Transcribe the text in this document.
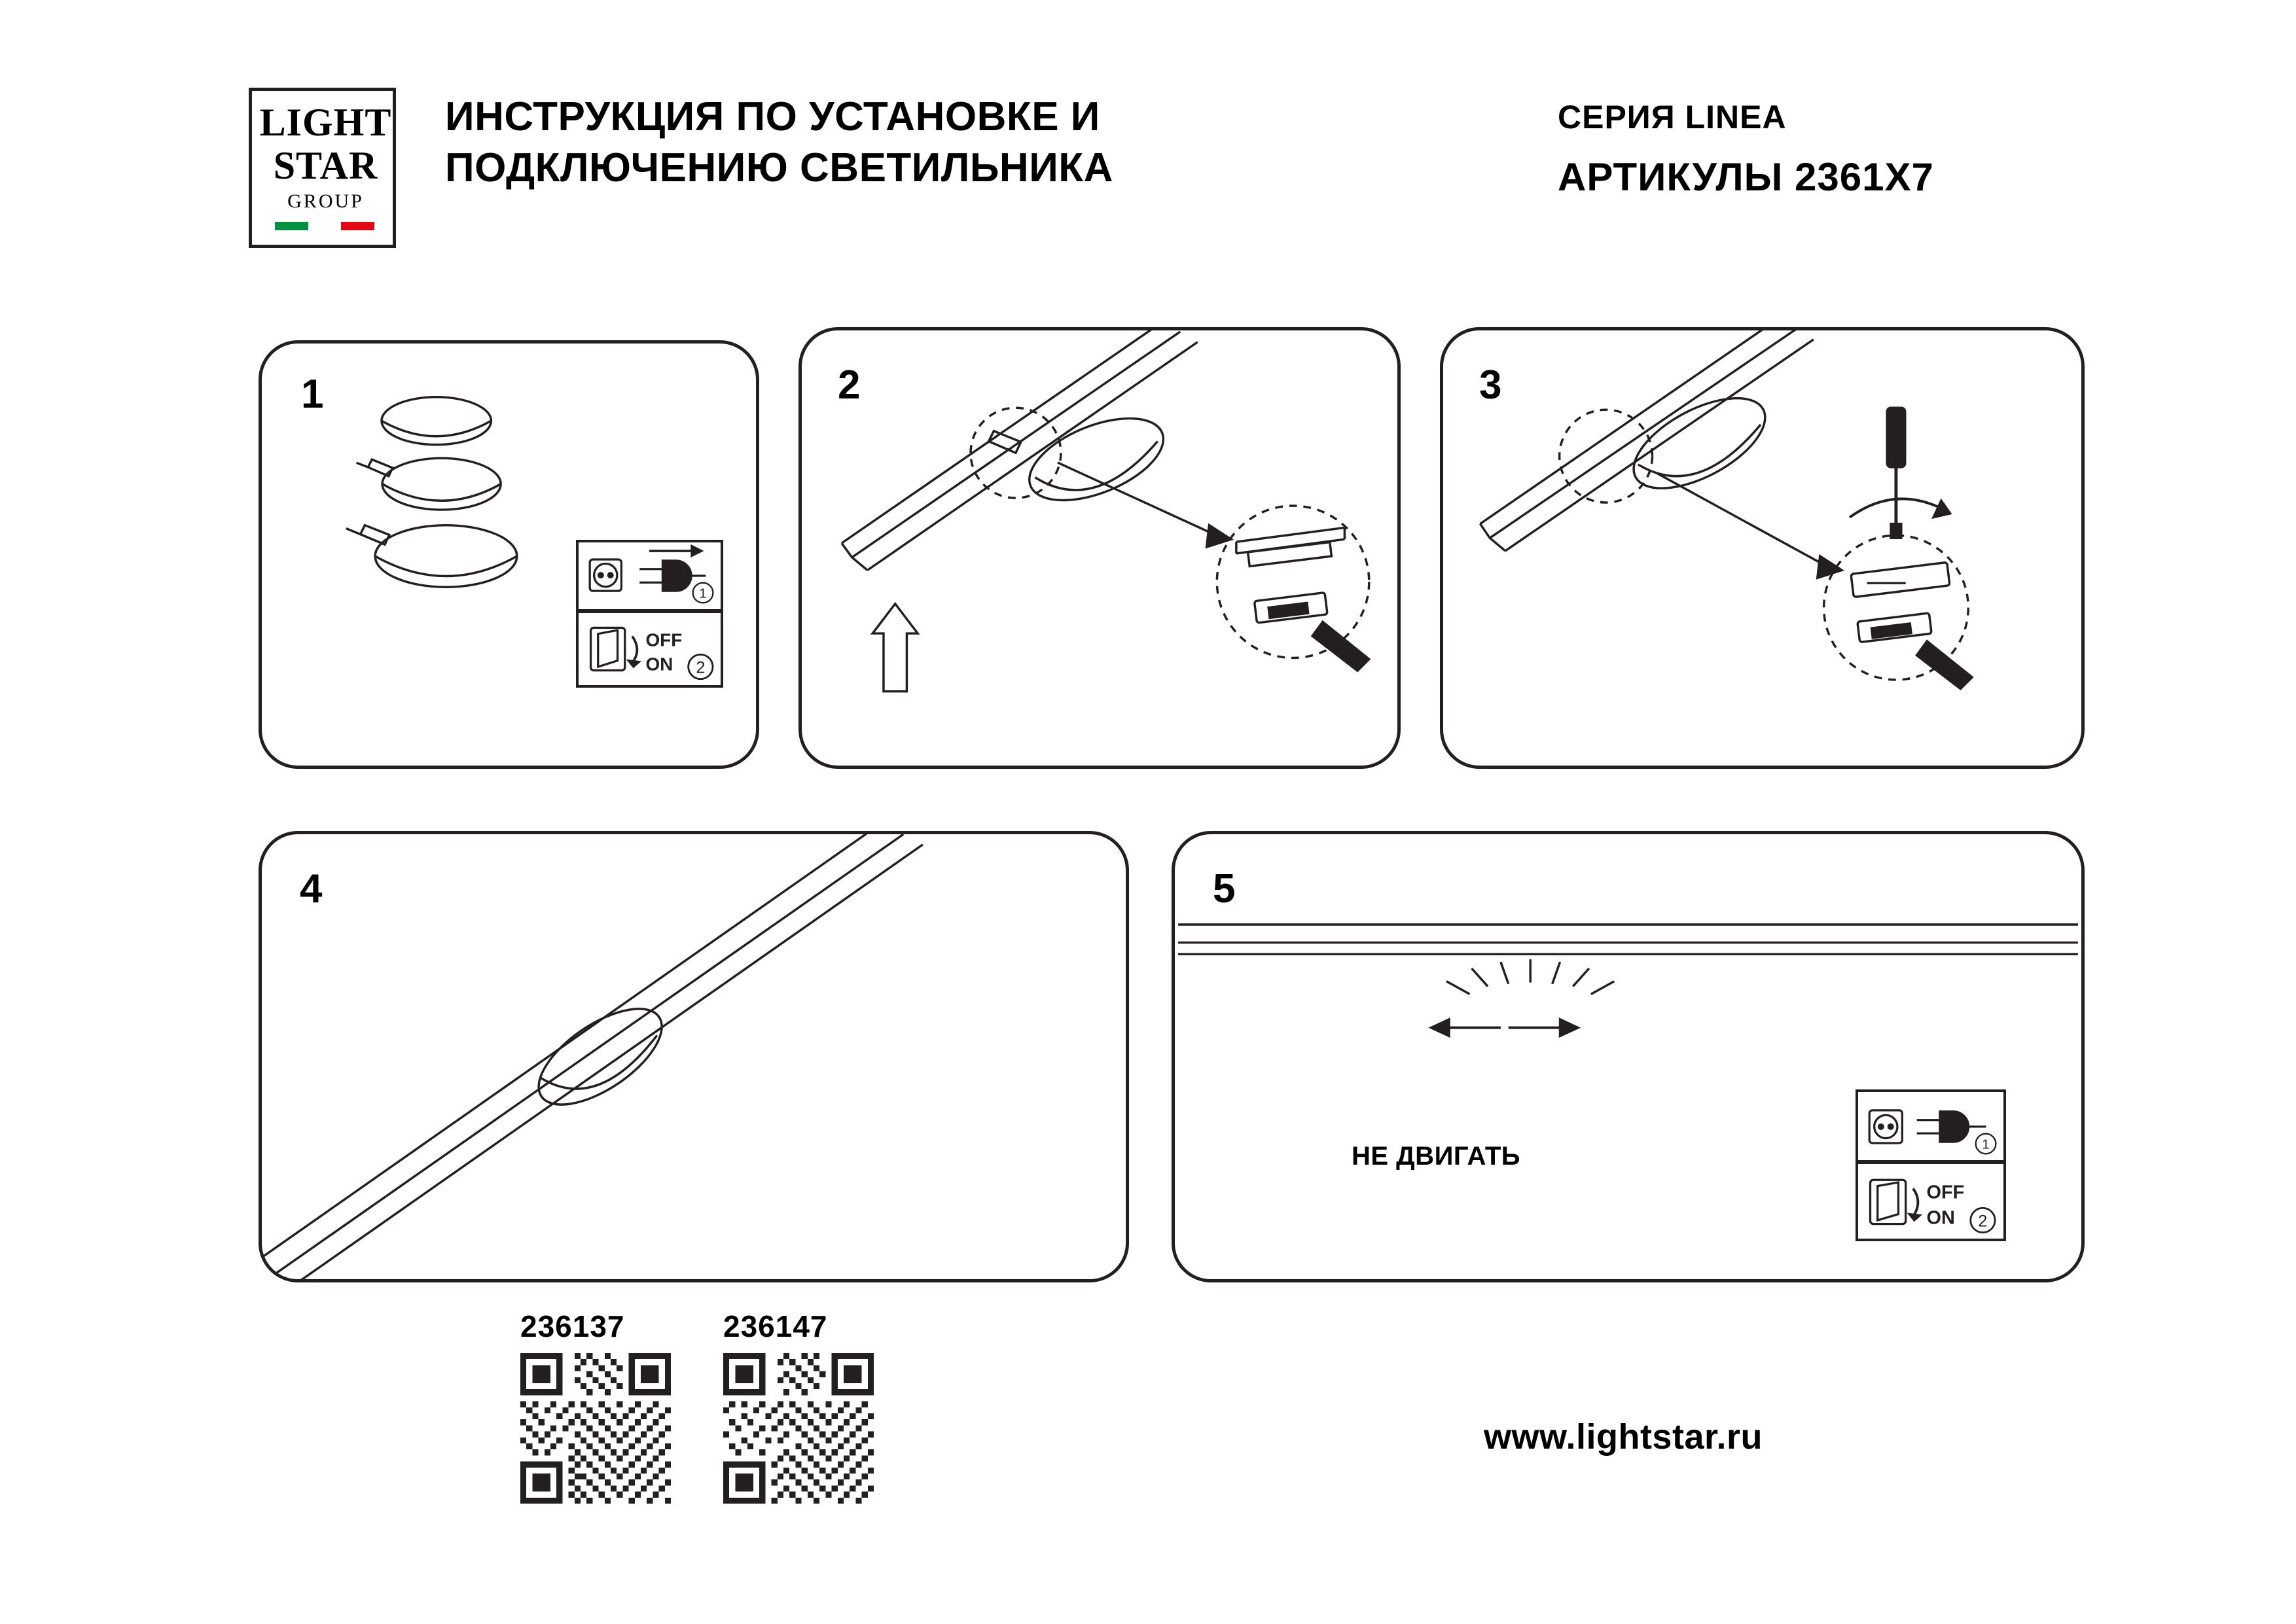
LIGHT
STAR
GROUP
ИНСТРУКЦИЯ ПО УСТАНОВКЕ И
ПОДКЛЮЧЕНИЮ СВЕТИЛЬНИКА
СЕРИЯ LINEA
АРТИКУЛЫ 2361X7
1
1
OFF
ON 2
2	3
4	5
НЕ ДВИГАТЬ	1
OFF
ON 2
236137	236147
www.lightstar.ru
